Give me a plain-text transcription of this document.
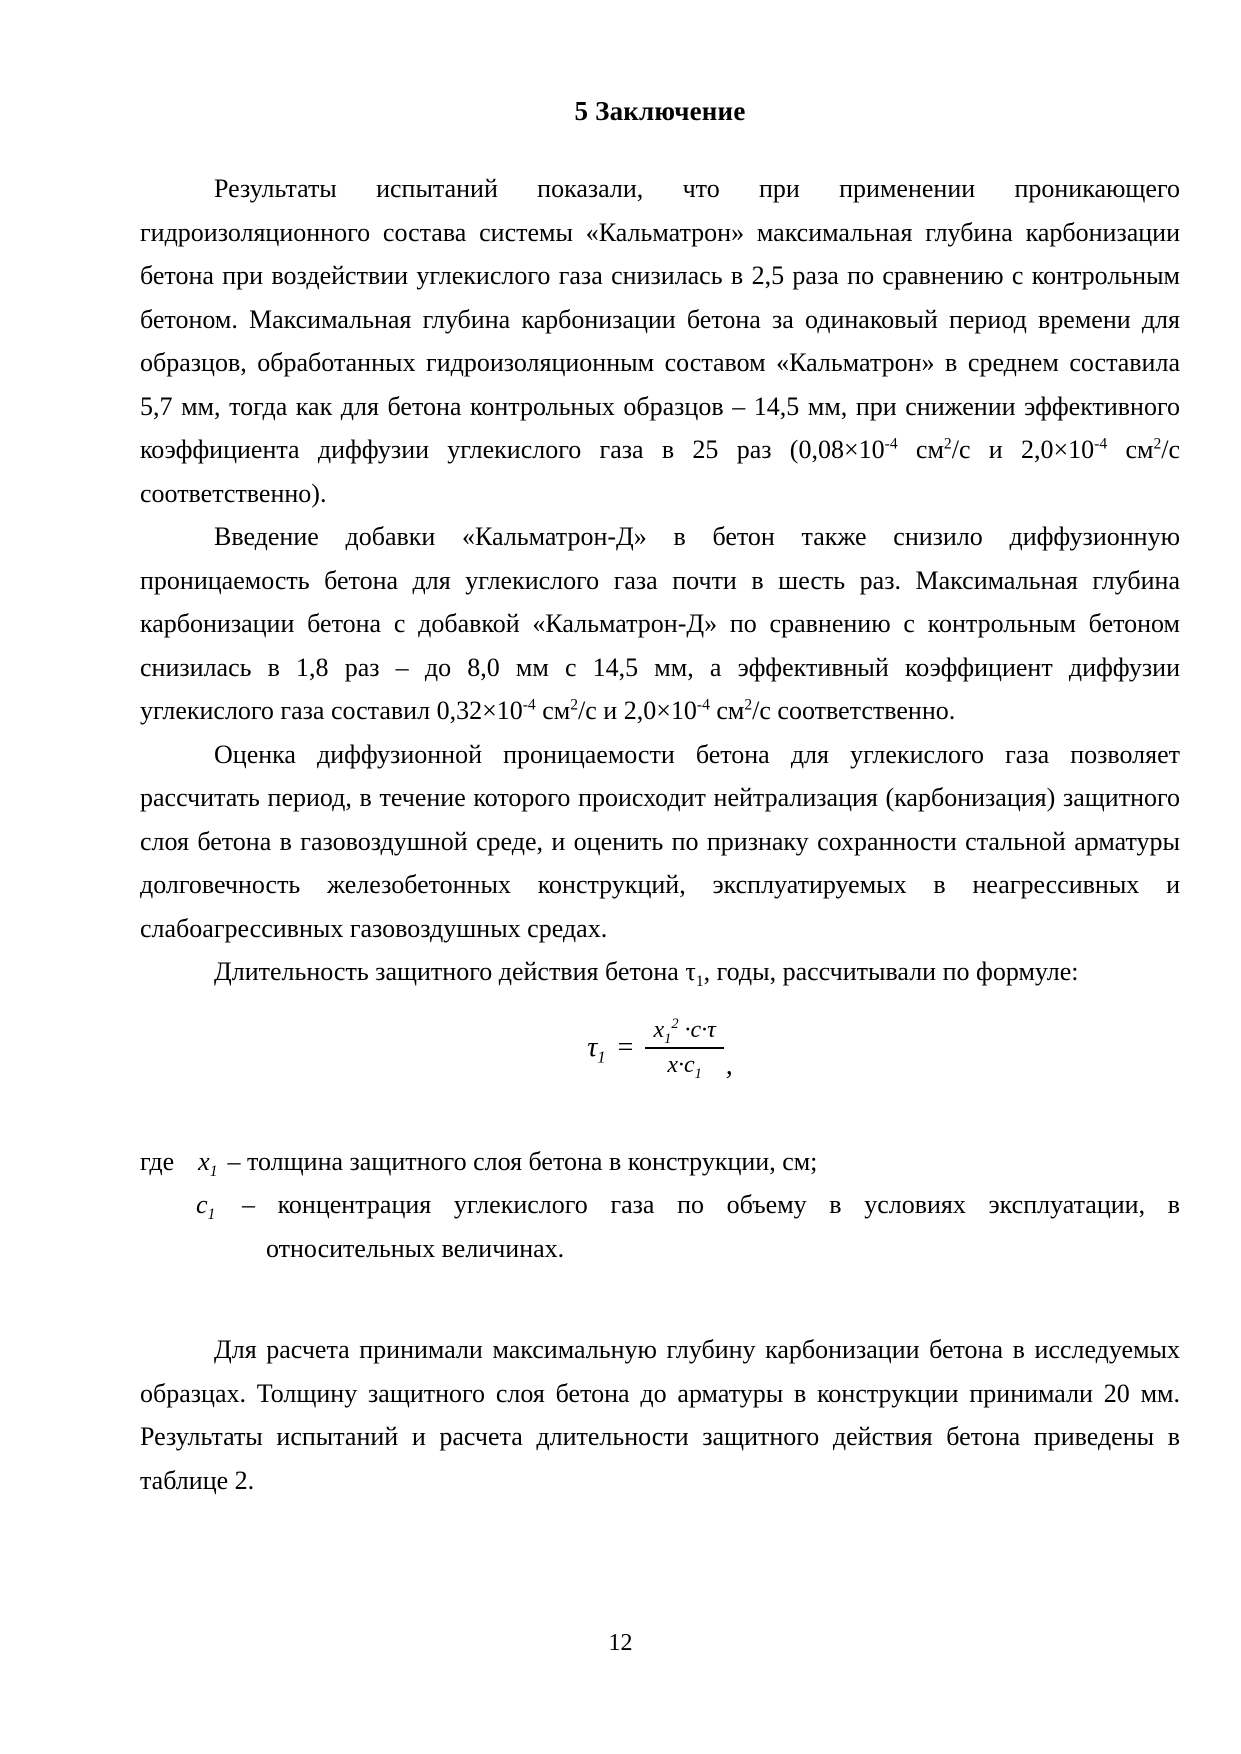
5 Заключение

Результаты испытаний показали, что при применении проникающего гидроизоляционного состава системы «Кальматрон» максимальная глубина карбонизации бетона при воздействии углекислого газа снизилась в 2,5 раза по сравнению с контрольным бетоном. Максимальная глубина карбонизации бетона за одинаковый период времени для образцов, обработанных гидроизоляционным составом «Кальматрон» в среднем составила 5,7 мм, тогда как для бетона контрольных образцов – 14,5 мм, при снижении эффективного коэффициента диффузии углекислого газа в 25 раз ($0,08\times 10^{-4}$ $см^2/с$ и $2,0\times 10^{-4}$ $см^2/с$ соответственно).

Введение добавки «Кальматрон-Д» в бетон также снизило диффузионную проницаемость бетона для углекислого газа почти в шесть раз. Максимальная глубина карбонизации бетона с добавкой «Кальматрон-Д» по сравнению с контрольным бетоном снизилась в 1,8 раз – до 8,0 мм с 14,5 мм, а эффективный коэффициент диффузии углекислого газа составил $0,32\times 10^{-4}$ $см^2/с$ и $2,0\times 10^{-4}$ $см^2/с$ соответственно.

Оценка диффузионной проницаемости бетона для углекислого газа позволяет рассчитать период, в течение которого происходит нейтрализация (карбонизация) защитного слоя бетона в газовоздушной среде, и оценить по признаку сохранности стальной арматуры долговечность железобетонных конструкций, эксплуатируемых в неагрессивных и слабоагрессивных газовоздушных средах.

Длительность защитного действия бетона $\tau_1$, годы, рассчитывали по формуле:

$\tau_1 = \frac{x_1^2 \cdot c\cdot\tau}{x\cdot c_1}$ ,

где $x_1$ – толщина защитного слоя бетона в конструкции, см;

$c_1$ – концентрация углекислого газа по объему в условиях эксплуатации, в

относительных величинах.

Для расчета принимали максимальную глубину карбонизации бетона в исследуемых образцах. Толщину защитного слоя бетона до арматуры в конструкции принимали 20 мм. Результаты испытаний и расчета длительности защитного действия бетона приведены в таблице 2.

12
